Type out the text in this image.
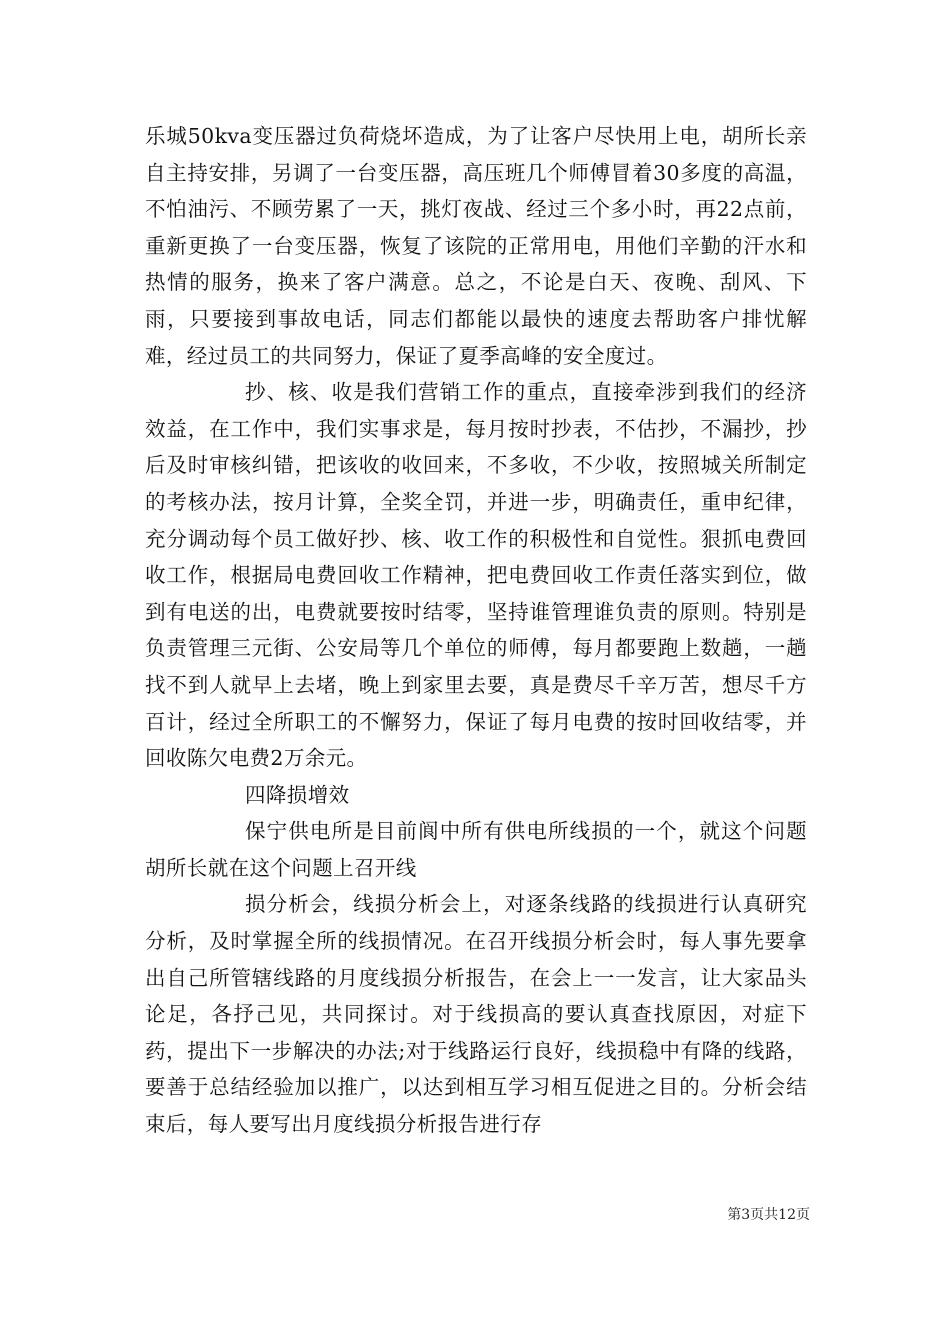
乐城50kva变压器过负荷烧坏造成，为了让客户尽快用上电，胡所长亲自主持安排，另调了一台变压器，高压班几个师傅冒着30多度的高温，不怕油污、不顾劳累了一天，挑灯夜战、经过三个多小时，再22点前，重新更换了一台变压器，恢复了该院的正常用电，用他们辛勤的汗水和热情的服务，换来了客户满意。总之，不论是白天、夜晚、刮风、下雨，只要接到事故电话，同志们都能以最快的速度去帮助客户排忧解难，经过员工的共同努力，保证了夏季高峰的安全度过。

抄、核、收是我们营销工作的重点，直接牵涉到我们的经济效益，在工作中，我们实事求是，每月按时抄表，不估抄，不漏抄，抄后及时审核纠错，把该收的收回来，不多收，不少收，按照城关所制定的考核办法，按月计算，全奖全罚，并进一步，明确责任，重申纪律，充分调动每个员工做好抄、核、收工作的积极性和自觉性。狠抓电费回收工作，根据局电费回收工作精神，把电费回收工作责任落实到位，做到有电送的出，电费就要按时结零，坚持谁管理谁负责的原则。特别是负责管理三元街、公安局等几个单位的师傅，每月都要跑上数趟，一趟找不到人就早上去堵，晚上到家里去要，真是费尽千辛万苦，想尽千方百计，经过全所职工的不懈努力，保证了每月电费的按时回收结零，并回收陈欠电费2万余元。

四降损增效

保宁供电所是目前阆中所有供电所线损的一个，就这个问题胡所长就在这个问题上召开线

损分析会，线损分析会上，对逐条线路的线损进行认真研究分析，及时掌握全所的线损情况。在召开线损分析会时，每人事先要拿出自己所管辖线路的月度线损分析报告，在会上一一发言，让大家品头论足，各抒己见，共同探讨。对于线损高的要认真查找原因，对症下药，提出下一步解决的办法;对于线路运行良好，线损稳中有降的线路，要善于总结经验加以推广，以达到相互学习相互促进之目的。分析会结束后，每人要写出月度线损分析报告进行存

第3页共12页
